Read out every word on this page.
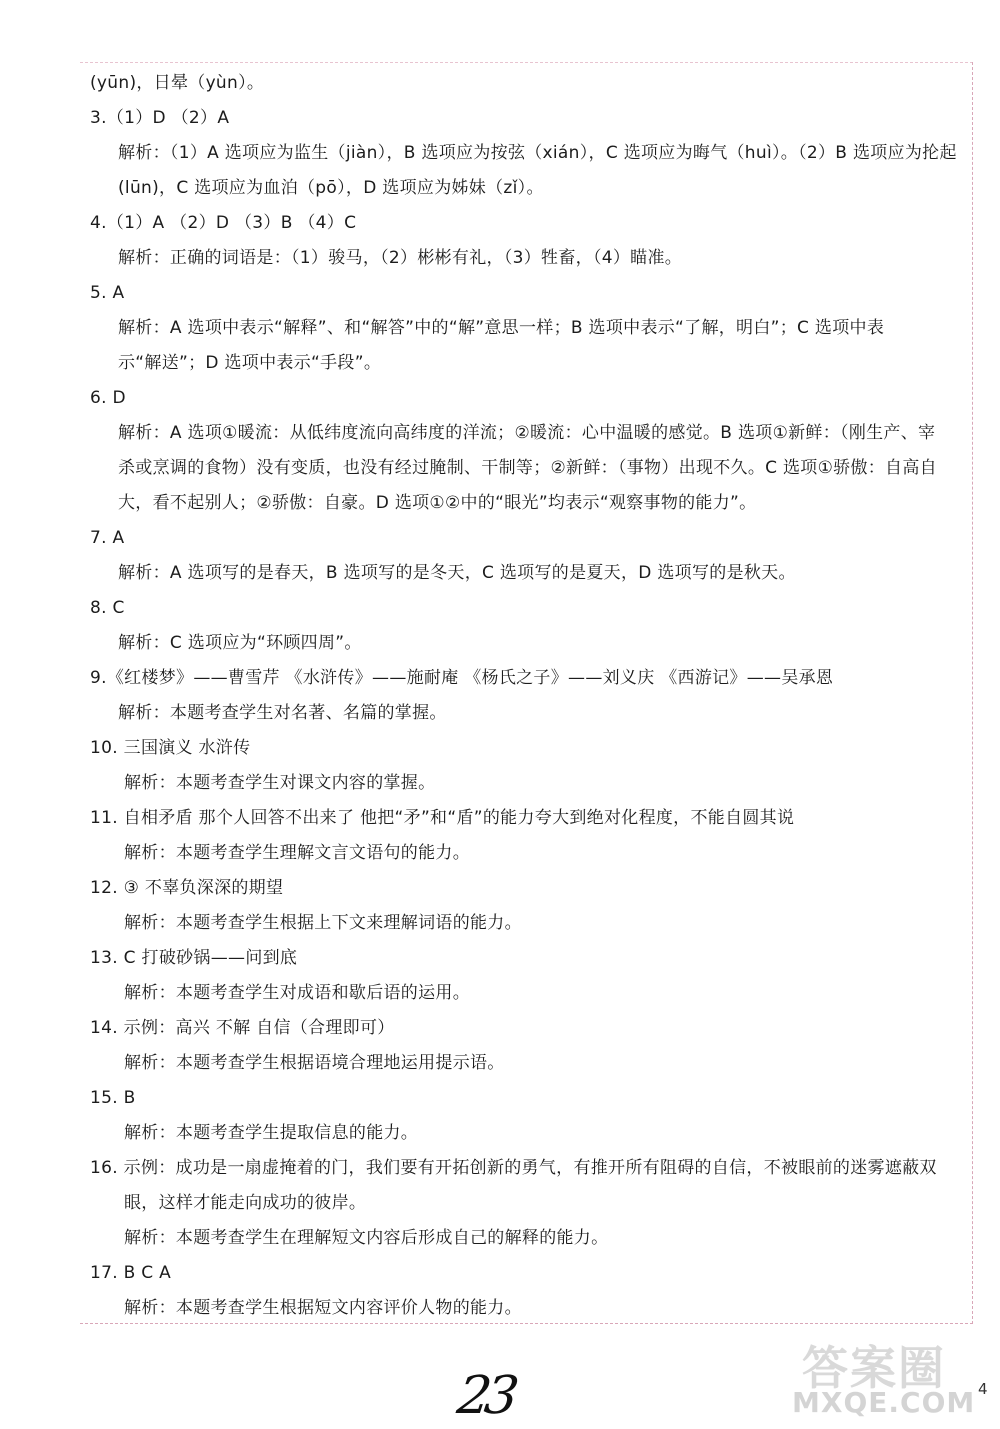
(yūn)，日晕（yùn）。
3.（1）D （2）A
解析：（1）A 选项应为监生（jiàn），B 选项应为按弦（xián），C 选项应为晦气（huì）。（2）B 选项应为抡起
(lūn)，C 选项应为血泊（pō），D 选项应为姊妹（zǐ）。
4.（1）A （2）D （3）B （4）C
解析：正确的词语是：（1）骏马，（2）彬彬有礼，（3）牲畜，（4）瞄准。
5. A
解析：A 选项中表示“解释”、和“解答”中的“解”意思一样；B 选项中表示“了解，明白”；C 选项中表
示“解送”；D 选项中表示“手段”。
6. D
解析：A 选项①暖流：从低纬度流向高纬度的洋流；②暖流：心中温暖的感觉。B 选项①新鲜：（刚生产、宰
杀或烹调的食物）没有变质，也没有经过腌制、干制等；②新鲜：（事物）出现不久。C 选项①骄傲：自高自
大，看不起别人；②骄傲：自豪。D 选项①②中的“眼光”均表示“观察事物的能力”。
7. A
解析：A 选项写的是春天，B 选项写的是冬天，C 选项写的是夏天，D 选项写的是秋天。
8. C
解析：C 选项应为“环顾四周”。
9.《红楼梦》——曹雪芹 《水浒传》——施耐庵 《杨氏之子》——刘义庆 《西游记》——吴承恩
解析：本题考查学生对名著、名篇的掌握。
10. 三国演义 水浒传
解析：本题考查学生对课文内容的掌握。
11. 自相矛盾 那个人回答不出来了 他把“矛”和“盾”的能力夸大到绝对化程度，不能自圆其说
解析：本题考查学生理解文言文语句的能力。
12. ③ 不辜负深深的期望
解析：本题考查学生根据上下文来理解词语的能力。
13. C 打破砂锅——问到底
解析：本题考查学生对成语和歇后语的运用。
14. 示例：高兴 不解 自信（合理即可）
解析：本题考查学生根据语境合理地运用提示语。
15. B
解析：本题考查学生提取信息的能力。
16. 示例：成功是一扇虚掩着的门，我们要有开拓创新的勇气，有推开所有阻碍的自信，不被眼前的迷雾遮蔽双
眼，这样才能走向成功的彼岸。
解析：本题考查学生在理解短文内容后形成自己的解释的能力。
17. B C A
解析：本题考查学生根据短文内容评价人物的能力。
23	4
答案圈
MXQE.COM
